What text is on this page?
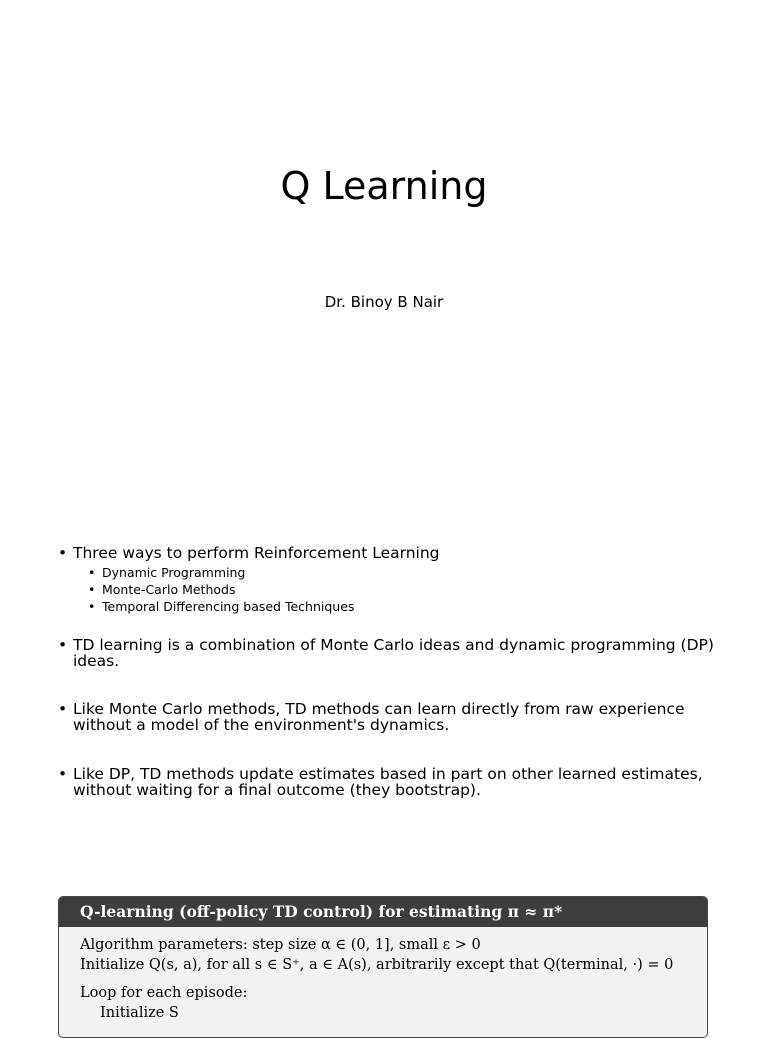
Q Learning
Dr. Binoy B Nair
• Three ways to perform Reinforcement Learning
• Dynamic Programming
• Monte-Carlo Methods
• Temporal Differencing based Techniques
• TD learning is a combination of Monte Carlo ideas and dynamic programming (DP) ideas.
• Like Monte Carlo methods, TD methods can learn directly from raw experience without a model of the environment's dynamics.
• Like DP, TD methods update estimates based in part on other learned estimates, without waiting for a final outcome (they bootstrap).
Q-learning (off-policy TD control) for estimating π ≈ π*
Algorithm parameters: step size α ∈ (0, 1], small ε > 0
Initialize Q(s, a), for all s ∈ S⁺, a ∈ A(s), arbitrarily except that Q(terminal, ·) = 0
Loop for each episode:
Initialize S
